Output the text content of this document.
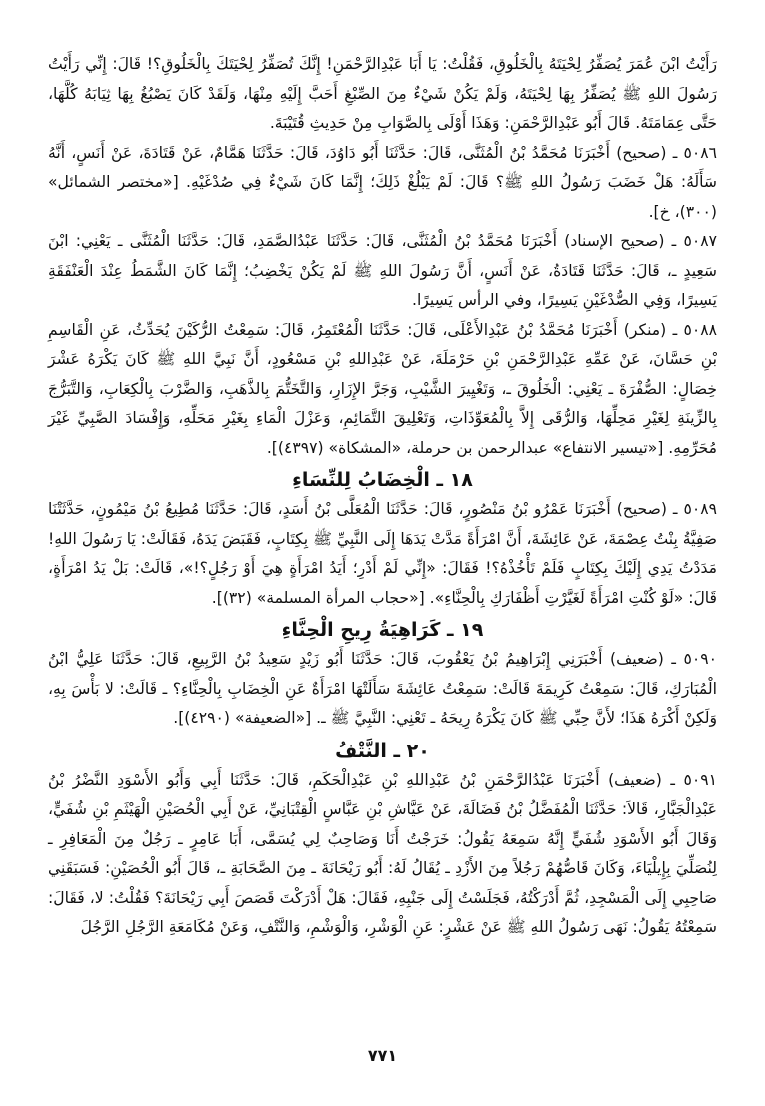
رَأَيْتُ ابْنَ عُمَرَ يُصَفِّرُ لِحْيَتَهُ بِالْخَلُوقِ، فَقُلْتُ: يَا أَبَا عَبْدِالرَّحْمَنِ! إِنَّكَ تُصَفِّرُ لِحْيَتَكَ بِالْخَلُوقِ؟! قَالَ: إِنِّي رَأَيْتُ رَسُولَ اللهِ ﷺ يُصَفِّرُ بِهَا لِحْيَتَهُ، وَلَمْ يَكُنْ شَيْءٌ مِنَ الصِّبْغِ أَحَبَّ إِلَيْهِ مِنْهَا، وَلَقَدْ كَانَ يَصْبُغُ بِهَا ثِيَابَهُ كُلَّهَا، حَتَّى عِمَامَتَهُ. قَالَ أَبُو عَبْدِالرَّحْمَنِ: وَهَذَا أَوْلَى بِالصَّوَابِ مِنْ حَدِيثِ قُتَيْبَةَ.

٥٠٨٦ ـ (صحيح) أَخْبَرَنَا مُحَمَّدُ بْنُ الْمُثَنَّى، قَالَ: حَدَّثَنَا أَبُو دَاوُدَ، قَالَ: حَدَّثَنَا هَمَّامٌ، عَنْ قَتَادَةَ، عَنْ أَنَسٍ، أَنَّهُ سَأَلَهُ: هَلْ خَضَبَ رَسُولُ اللهِ ﷺ؟ قَالَ: لَمْ يَبْلُغْ ذَلِكَ؛ إِنَّمَا كَانَ شَيْءٌ فِي صُدْغَيْهِ. [«مختصر الشمائل» (٣٠٠)، خ].

٥٠٨٧ ـ (صحيح الإسناد) أَخْبَرَنَا مُحَمَّدُ بْنُ الْمُثَنَّى، قَالَ: حَدَّثَنَا عَبْدُالصَّمَدِ، قَالَ: حَدَّثَنَا الْمُثَنَّى ـ يَعْنِي: ابْنَ سَعِيدٍ ـ، قَالَ: حَدَّثَنَا قَتَادَةُ، عَنْ أَنَسٍ، أَنَّ رَسُولَ اللهِ ﷺ لَمْ يَكُنْ يَخْضِبُ؛ إِنَّمَا كَانَ الشَّمَطُ عِنْدَ الْعَنْفَقَةِ يَسِيرًا، وَفِي الصُّدْغَيْنِ يَسِيرًا، وفي الرأس يَسِيرًا.

٥٠٨٨ ـ (منكر) أَخْبَرَنَا مُحَمَّدُ بْنُ عَبْدِالأَعْلَى، قَالَ: حَدَّثَنَا الْمُعْتَمِرُ، قَالَ: سَمِعْتُ الرُّكَيْنَ يُحَدِّثُ، عَنِ الْقَاسِمِ بْنِ حَسَّانَ، عَنْ عَمِّهِ عَبْدِالرَّحْمَنِ بْنِ حَرْمَلَةَ، عَنْ عَبْدِاللهِ بْنِ مَسْعُودٍ، أَنَّ نَبِيَّ اللهِ ﷺ كَانَ يَكْرَهُ عَشْرَ خِصَالٍ: الصُّفْرَةَ ـ يَعْنِي: الْخَلُوقَ ـ، وَتَغْيِيرَ الشَّيْبِ، وَجَرَّ الإِزَارِ، وَالتَّخَتُّمَ بِالذَّهَبِ، وَالضَّرْبَ بِالْكِعَابِ، وَالتَّبَرُّجَ بِالزِّينَةِ لِغَيْرِ مَحِلِّهَا، وَالرُّقَى إِلاَّ بِالْمُعَوِّذَاتِ، وَتَعْلِيقَ التَّمَائِمِ، وَعَزْلَ الْمَاءِ بِغَيْرِ مَحَلِّهِ، وَإِفْسَادَ الصَّبِيِّ غَيْرَ مُحَرِّمِهِ. [«تيسير الانتفاع» عبدالرحمن بن حرملة، «المشكاة» (٤٣٩٧)].

١٨ ـ الْخِضَابُ لِلنِّسَاءِ

٥٠٨٩ ـ (صحيح) أَخْبَرَنَا عَمْرُو بْنُ مَنْصُورٍ، قَالَ: حَدَّثَنَا الْمُعَلَّى بْنُ أَسَدٍ، قَالَ: حَدَّثَنَا مُطِيعُ بْنُ مَيْمُونٍ، حَدَّثَتْنَا صَفِيَّةُ بِنْتُ عِصْمَةَ، عَنْ عَائِشَةَ، أَنَّ امْرَأَةً مَدَّتْ يَدَهَا إِلَى النَّبِيِّ ﷺ بِكِتَابٍ، فَقَبَضَ يَدَهُ، فَقَالَتْ: يَا رَسُولَ اللهِ! مَدَدْتُ يَدِي إِلَيْكَ بِكِتَابٍ فَلَمْ تَأْخُذْهُ؟! فَقَالَ: «إِنِّي لَمْ أَدْرِ؛ أَيَدُ امْرَأَةٍ هِيَ أَوْ رَجُلٍ؟!»، قَالَتْ: بَلْ يَدُ امْرَأَةٍ، قَالَ: «لَوْ كُنْتِ امْرَأَةً لَغَيَّرْتِ أَظْفَارَكِ بِالْحِنَّاءِ». [«حجاب المرأة المسلمة» (٣٢)].

١٩ ـ كَرَاهِيَةُ رِيحِ الْحِنَّاءِ

٥٠٩٠ ـ (ضعيف) أَخْبَرَنِي إِبْرَاهِيمُ بْنُ يَعْقُوبَ، قَالَ: حَدَّثَنَا أَبُو زَيْدٍ سَعِيدُ بْنُ الرَّبِيعِ، قَالَ: حَدَّثَنَا عَلِيُّ ابْنُ الْمُبَارَكِ، قَالَ: سَمِعْتُ كَرِيمَةَ قَالَتْ: سَمِعْتُ عَائِشَةَ سَأَلَتْهَا امْرَأَةٌ عَنِ الْخِضَابِ بِالْحِنَّاءِ؟ ـ قَالَتْ: لا بَأْسَ بِهِ، وَلَكِنْ أَكْرَهُ هَذَا؛ لأَنَّ حِبِّي ﷺ كَانَ يَكْرَهُ رِيحَهُ ـ تَعْنِي: النَّبِيَّ ﷺ ـ. [«الضعيفة» (٤٢٩٠)].

٢٠ ـ النَّتْفُ

٥٠٩١ ـ (ضعيف) أَخْبَرَنَا عَبْدُالرَّحْمَنِ بْنُ عَبْدِاللهِ بْنِ عَبْدِالْحَكَمِ، قَالَ: حَدَّثَنَا أَبِي وَأَبُو الأَسْوَدِ النَّضْرُ بْنُ عَبْدِالْجَبَّارِ، قَالاَ: حَدَّثَنَا الْمُفَضَّلُ بْنُ فَضَالَةَ، عَنْ عَيَّاشِ بْنِ عَبَّاسٍ الْقِتْبَانِيِّ، عَنْ أَبِي الْحُصَيْنِ الْهَيْثَمِ بْنِ شُفَيٍّ، وَقَالَ أَبُو الأَسْوَدِ شُفَيٍّ إِنَّهُ سَمِعَهُ يَقُولُ: خَرَجْتُ أَنَا وَصَاحِبٌ لِي يُسَمَّى، أَبَا عَامِرٍ ـ رَجُلٌ مِنَ الْمَعَافِرِ ـ لِنُصَلِّيَ بِإِيلْيَاءَ، وَكَانَ قَاصُّهُمْ رَجُلاً مِنَ الأَزْدِ ـ يُقَالُ لَهُ: أَبُو رَيْحَانَةَ ـ مِنَ الصَّحَابَةِ ـ، قَالَ أَبُو الْحُصَيْنِ: فَسَبَقَنِي صَاحِبِي إِلَى الْمَسْجِدِ، ثُمَّ أَدْرَكْتُهُ، فَجَلَسْتُ إِلَى جَنْبِهِ، فَقَالَ: هَلْ أَدْرَكْتَ قَصَصَ أَبِي رَيْحَانَةَ؟ فَقُلْتُ: لا، فَقَالَ: سَمِعْتُهُ يَقُولُ: نَهَى رَسُولُ اللهِ ﷺ عَنْ عَشْرٍ: عَنِ الْوَشْرِ، وَالْوَشْمِ، وَالنَّتْفِ، وَعَنْ مُكَامَعَةِ الرَّجُلِ الرَّجُلَ

٧٧١
